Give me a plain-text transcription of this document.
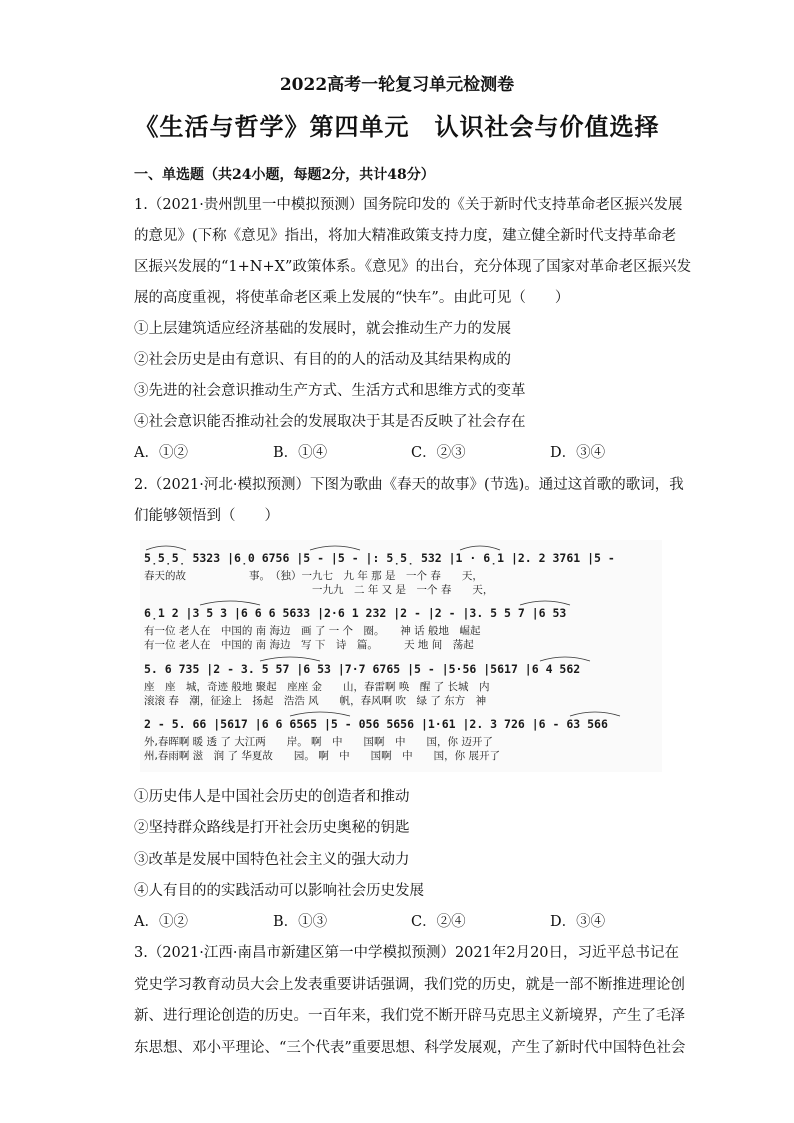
2022高考一轮复习单元检测卷
《生活与哲学》第四单元　认识社会与价值选择
一、单选题（共24小题，每题2分，共计48分）
1.（2021·贵州凯里一中模拟预测）国务院印发的《关于新时代支持革命老区振兴发展
的意见》(下称《意见》指出，将加大精准政策支持力度，建立健全新时代支持革命老
区振兴发展的“1+N+X”政策体系。《意见》的出台，充分体现了国家对革命老区振兴发
展的高度重视，将使革命老区乘上发展的“快车”。由此可见（　　）
①上层建筑适应经济基础的发展时，就会推动生产力的发展
②社会历史是由有意识、有目的的人的活动及其结果构成的
③先进的社会意识推动生产方式、生活方式和思维方式的变革
④社会意识能否推动社会的发展取决于其是否反映了社会存在
A．①②	B．①④	C．②③	D．③④
2.（2021·河北·模拟预测）下图为歌曲《春天的故事》(节选)。通过这首歌的歌词，我
们能够领悟到（　　）
5̣5̣5̣ 5323 |6̣0 6756 |5 - |5 - |: 5̣5̣ 532 |1 · 6̣1 |2. 2 3761 |5 -
6̣1 2 |3 5 3 |6 6 6 5633 |2·6 1 232 |2 - |2 - |3. 5 5 7 |6 53
5. 6 735 |2 - 3. 5 57 |6 53 |7·7 6765 |5 - |5·56 |5617 |6 4 562
2 - 5. 66 |5617 |6 6 6565 |5 - 056 5656 |1·61 |2. 3 726 |6 - 63 566
春天的故　　　　　　事。　（独）一九七　九 年 那 是　一个 春　　天，
　　　　　　　　　　　　　　　　一九九　二 年 又 是　一个 春　　天，
有一位 老人在　中国的 南 海边　画 了 一 个　圈。　　神 话 般地　崛起
有一位 老人在　中国的 南 海边　写 下　诗　篇。　　　天 地 间　荡起
座　座　城，奇迹 般地 聚起　座座 金　　山，春雷啊 唤　醒 了 长城　内
滚滚 春　潮，征途上　扬起　浩浩 风　　帆，春风啊 吹　绿 了 东方　神
外,春晖啊 暖 透 了 大江两　　岸。 啊　中　　国啊　中　　国，你 迈开了
州,春雨啊 滋　润 了 华夏故　　园。 啊　中　　国啊　中　　国，你 展开了
①历史伟人是中国社会历史的创造者和推动
②坚持群众路线是打开社会历史奥秘的钥匙
③改革是发展中国特色社会主义的强大动力
④人有目的的实践活动可以影响社会历史发展
A．①②	B．①③	C．②④	D．③④
3.（2021·江西·南昌市新建区第一中学模拟预测）2021年2月20日，习近平总书记在
党史学习教育动员大会上发表重要讲话强调，我们党的历史，就是一部不断推进理论创
新、进行理论创造的历史。一百年来，我们党不断开辟马克思主义新境界，产生了毛泽
东思想、邓小平理论、“三个代表”重要思想、科学发展观，产生了新时代中国特色社会
